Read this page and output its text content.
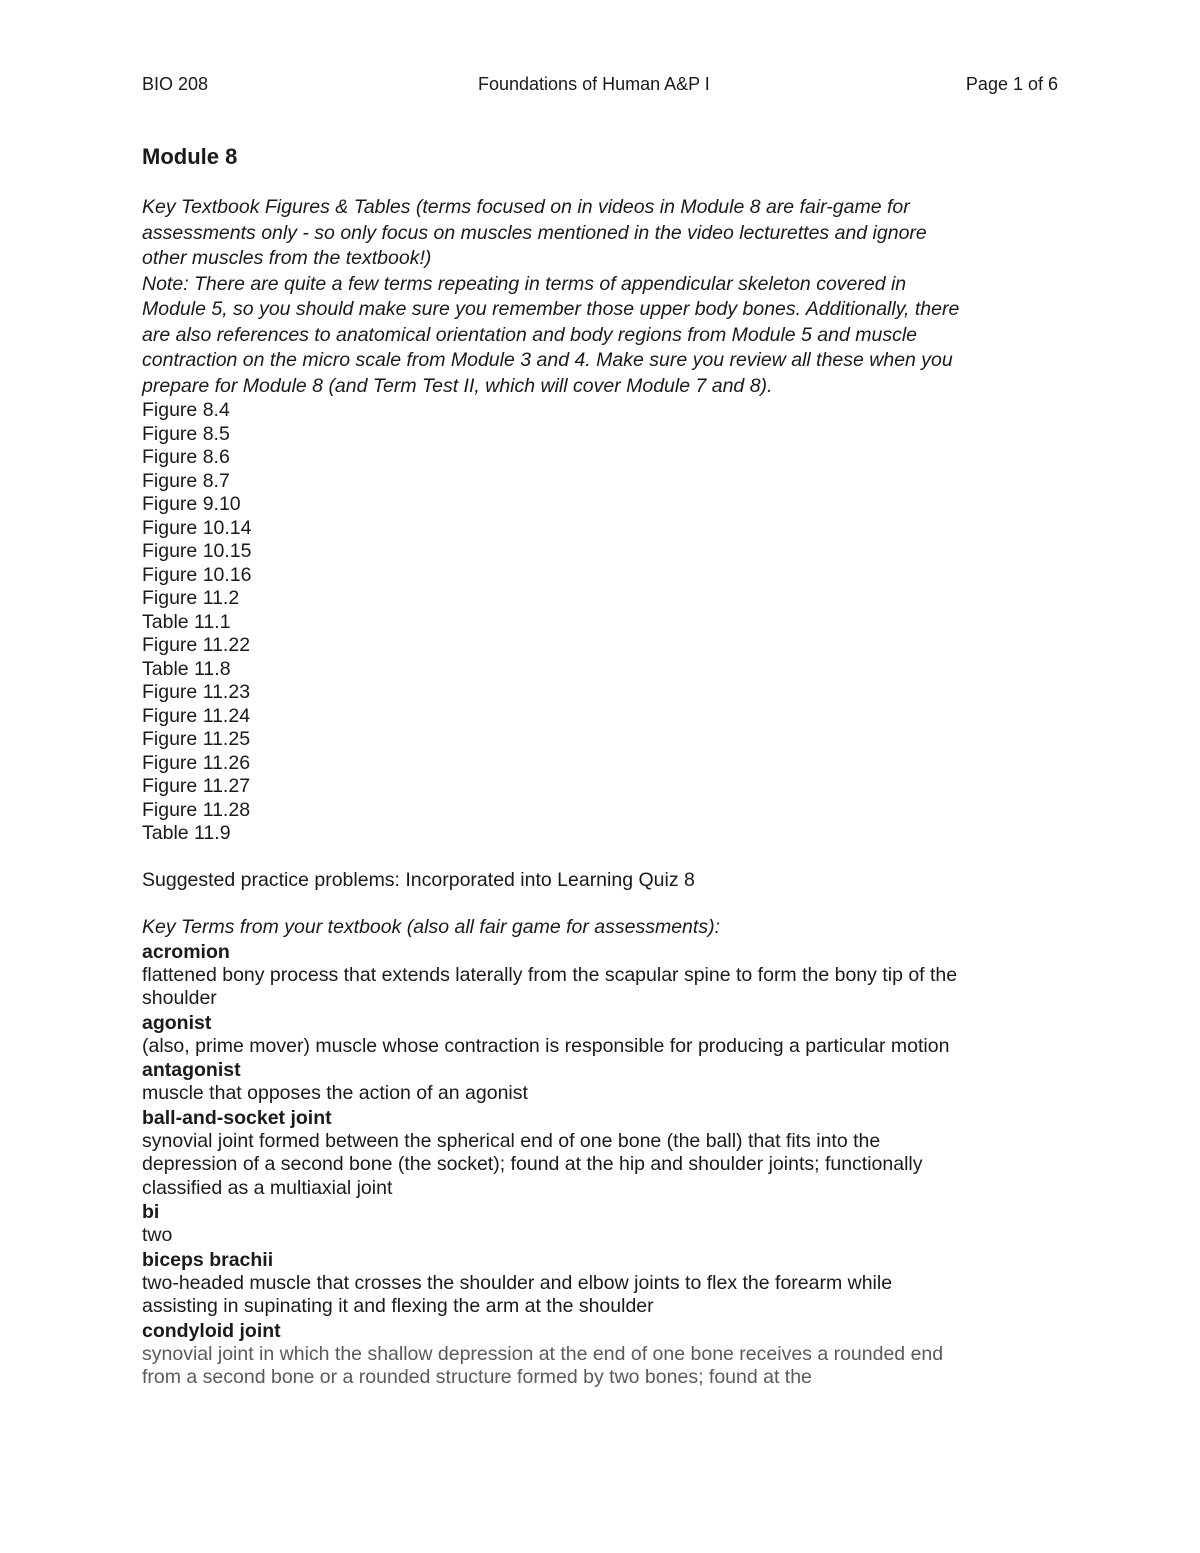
BIO 208	Foundations of Human A&P I	Page 1 of 6
Module 8
Key Textbook Figures & Tables (terms focused on in videos in Module 8 are fair-game for
assessments only - so only focus on muscles mentioned in the video lecturettes and ignore
other muscles from the textbook!)
Note: There are quite a few terms repeating in terms of appendicular skeleton covered in
Module 5, so you should make sure you remember those upper body bones. Additionally, there
are also references to anatomical orientation and body regions from Module 5 and muscle
contraction on the micro scale from Module 3 and 4. Make sure you review all these when you
prepare for Module 8 (and Term Test II, which will cover Module 7 and 8).
Figure 8.4
Figure 8.5
Figure 8.6
Figure 8.7
Figure 9.10
Figure 10.14
Figure 10.15
Figure 10.16
Figure 11.2
Table 11.1
Figure 11.22
Table 11.8
Figure 11.23
Figure 11.24
Figure 11.25
Figure 11.26
Figure 11.27
Figure 11.28
Table 11.9
Suggested practice problems: Incorporated into Learning Quiz 8
Key Terms from your textbook (also all fair game for assessments):
acromion
flattened bony process that extends laterally from the scapular spine to form the bony tip of the
shoulder
agonist
(also, prime mover) muscle whose contraction is responsible for producing a particular motion
antagonist
muscle that opposes the action of an agonist
ball-and-socket joint
synovial joint formed between the spherical end of one bone (the ball) that fits into the
depression of a second bone (the socket); found at the hip and shoulder joints; functionally
classified as a multiaxial joint
bi
two
biceps brachii
two-headed muscle that crosses the shoulder and elbow joints to flex the forearm while
assisting in supinating it and flexing the arm at the shoulder
condyloid joint
synovial joint in which the shallow depression at the end of one bone receives a rounded end
from a second bone or a rounded structure formed by two bones; found at the
